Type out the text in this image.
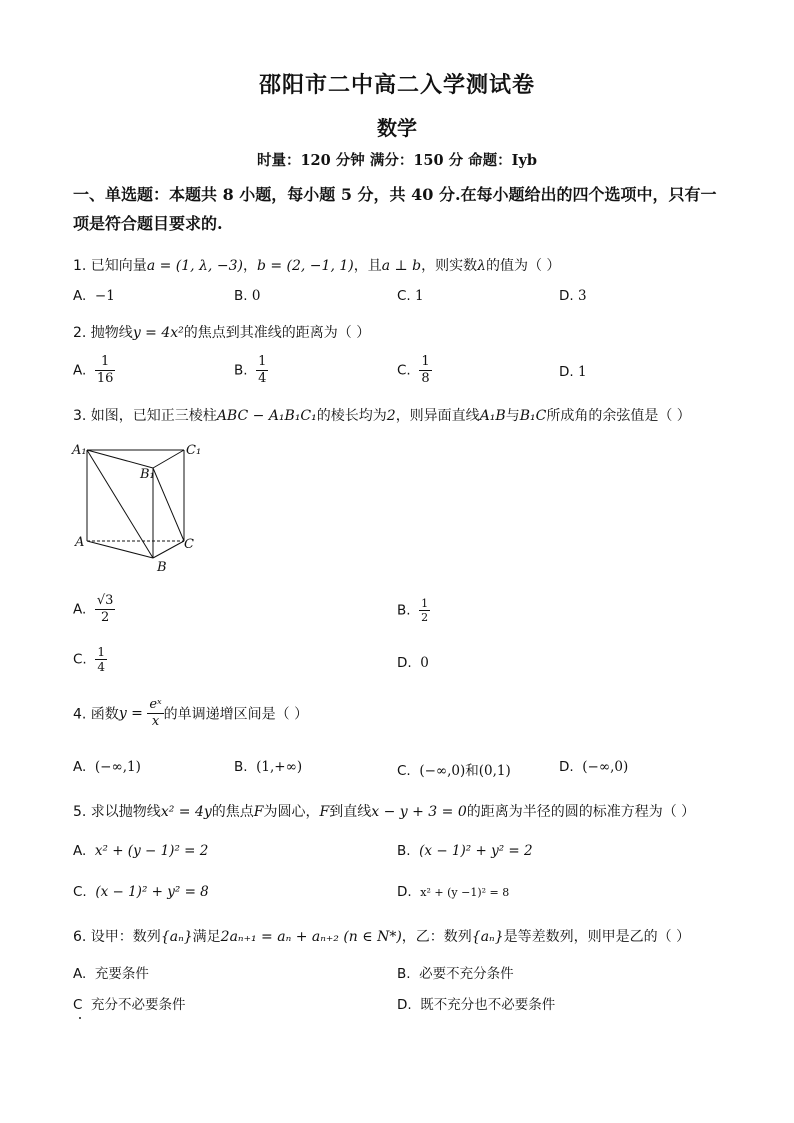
邵阳市二中高二入学测试卷
数学
时量：120 分钟 满分：150 分 命题：Iyb
一、单选题：本题共 8 小题，每小题 5 分，共 40 分.在每小题给出的四个选项中，只有一项是符合题目要求的.
1. 已知向量a = (1, λ, −3)，b = (2, −1, 1)，且a ⊥ b，则实数λ的值为（ ）
A. −1	B. 0	C. 1	D. 3
2. 抛物线y = 4x²的焦点到其准线的距离为（ ）
A. $\frac{1}{16}$	B. $\frac{1}{4}$	C. $\frac{1}{8}$	D. 1
3. 如图，已知正三棱柱ABC − A₁B₁C₁的棱长均为2，则异面直线A₁B与B₁C所成角的余弦值是（ ）
A₁	C₁
B₁
A	C
B
A. $\frac{√3}{2}$	B. $\frac{1}{2}$
C. $\frac{1}{4}$	D. 0
4. 函数$y = \frac{\text{eˣ}}{x}$ 的单调递增区间是（ ）
A. (−∞,1)	B. (1,+∞)	C. (−∞,0)和(0,1)	D. (−∞,0)
5. 求以抛物线x² = 4y的焦点F为圆心，F到直线x − y + 3 = 0的距离为半径的圆的标准方程为（ ）
A. x² + (y − 1)² = 2	B. (x − 1)² + y² = 2
C. (x − 1)² + y² = 8	D. x² + (y −1)² = 8
6. 设甲：数列{aₙ}满足2aₙ₊₁ = aₙ + aₙ₊₂ (n ∈ N*)，乙：数列{aₙ}是等差数列，则甲是乙的（ ）
A. 充要条件	B. 必要不充分条件
C 充分不必要条件	D. 既不充分也不必要条件
